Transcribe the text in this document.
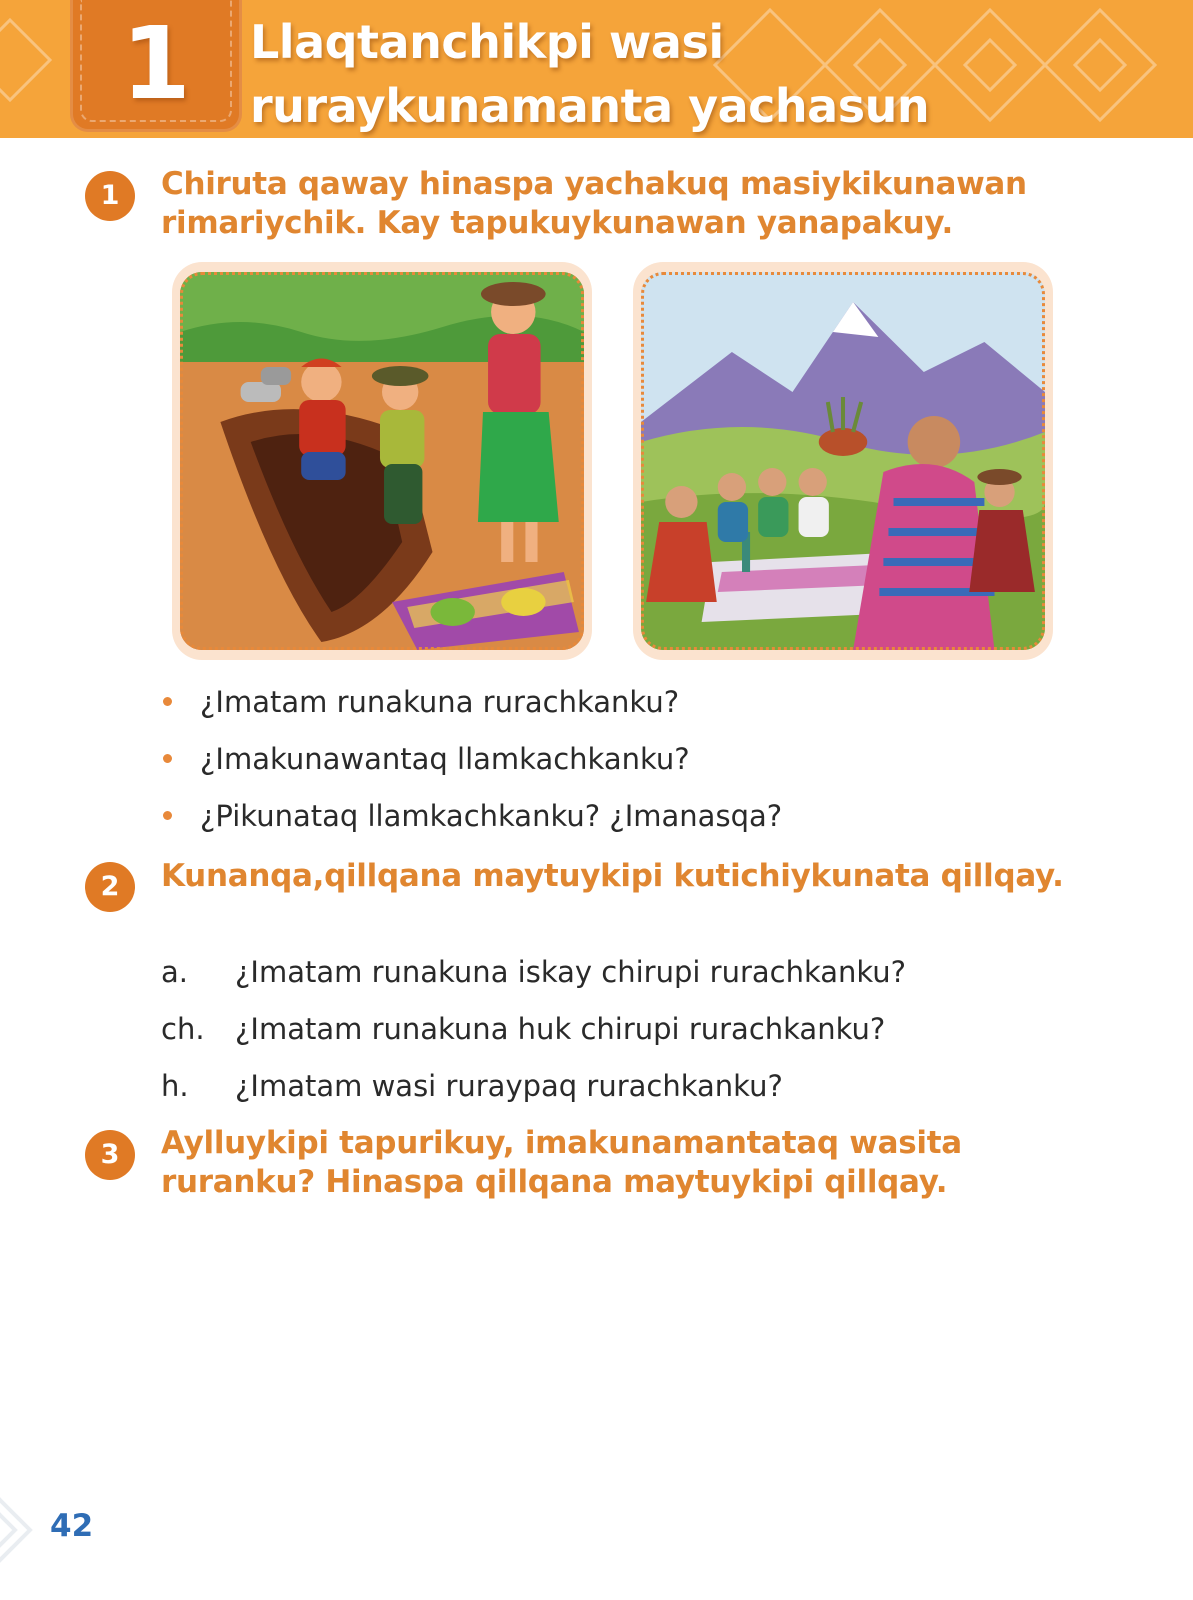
1	Llaqtanchikpi wasi
ruraykunamanta yachasun
1	Chiruta qaway hinaspa yachakuq masiykikunawan
rimariychik. Kay tapukuykunawan yanapakuy.
¿Imatam runakuna rurachkanku?
¿Imakunawantaq llamkachkanku?
¿Pikunataq llamkachkanku? ¿Imanasqa?
2	Kunanqa,qillqana maytuykipi kutichiykunata qillqay.
a. ¿Imatam runakuna iskay chirupi rurachkanku?
ch. ¿Imatam runakuna huk chirupi rurachkanku?
h. ¿Imatam wasi ruraypaq rurachkanku?
3	Aylluykipi tapurikuy, imakunamantataq wasita
ruranku? Hinaspa qillqana maytuykipi qillqay.
42
